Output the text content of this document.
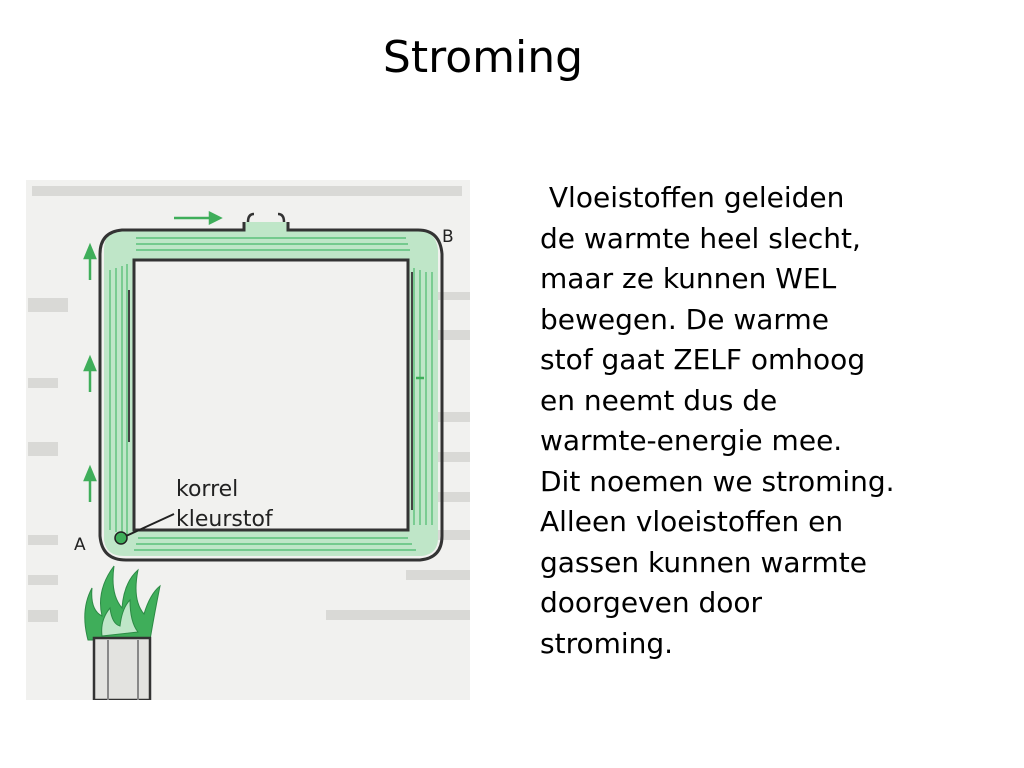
Stroming
B
A
korrel
kleurstof
Vloeistoffen geleiden
de warmte heel slecht,
maar ze kunnen WEL
bewegen. De warme
stof gaat ZELF omhoog
en neemt dus de
warmte-energie mee.
Dit noemen we stroming.
Alleen vloeistoffen en
gassen kunnen warmte
doorgeven door
stroming.
